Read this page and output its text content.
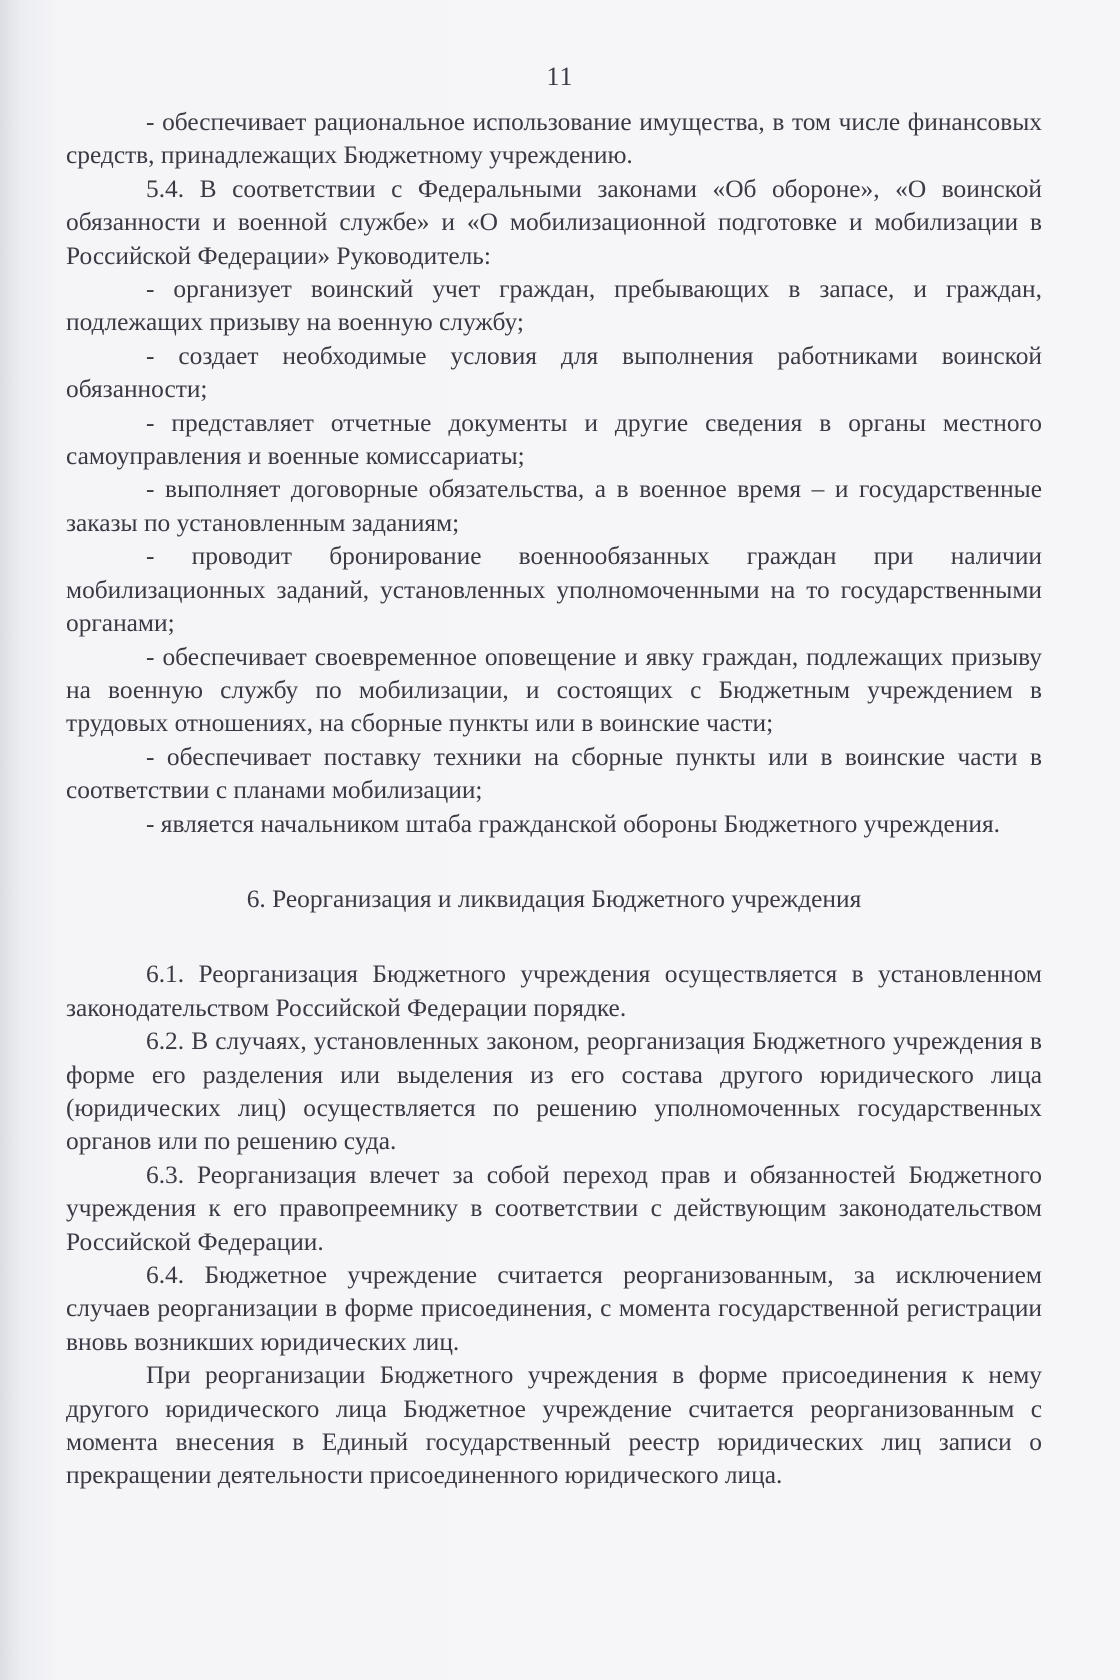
11

- обеспечивает рациональное использование имущества, в том числе финансовых средств, принадлежащих Бюджетному учреждению.

5.4. В соответствии с Федеральными законами «Об обороне», «О воинской обязанности и военной службе» и «О мобилизационной подготовке и мобилизации в Российской Федерации» Руководитель:

- организует воинский учет граждан, пребывающих в запасе, и граждан, подлежащих призыву на военную службу;

- создает необходимые условия для выполнения работниками воинской обязанности;

- представляет отчетные документы и другие сведения в органы местного самоуправления и военные комиссариаты;

- выполняет договорные обязательства, а в военное время – и государственные заказы по установленным заданиям;

- проводит бронирование военнообязанных граждан при наличии мобилизационных заданий, установленных уполномоченными на то государственными органами;

- обеспечивает своевременное оповещение и явку граждан, подлежащих призыву на военную службу по мобилизации, и состоящих с Бюджетным учреждением в трудовых отношениях, на сборные пункты или в воинские части;

- обеспечивает поставку техники на сборные пункты или в воинские части в соответствии с планами мобилизации;

- является начальником штаба гражданской обороны Бюджетного учреждения.

6. Реорганизация и ликвидация Бюджетного учреждения

6.1. Реорганизация Бюджетного учреждения осуществляется в установленном законодательством Российской Федерации порядке.

6.2. В случаях, установленных законом, реорганизация Бюджетного учреждения в форме его разделения или выделения из его состава другого юридического лица (юридических лиц) осуществляется по решению уполномоченных государственных органов или по решению суда.

6.3. Реорганизация влечет за собой переход прав и обязанностей Бюджетного учреждения к его правопреемнику в соответствии с действующим законодательством Российской Федерации.

6.4. Бюджетное учреждение считается реорганизованным, за исключением случаев реорганизации в форме присоединения, с момента государственной регистрации вновь возникших юридических лиц.

При реорганизации Бюджетного учреждения в форме присоединения к нему другого юридического лица Бюджетное учреждение считается реорганизованным с момента внесения в Единый государственный реестр юридических лиц записи о прекращении деятельности присоединенного юридического лица.
